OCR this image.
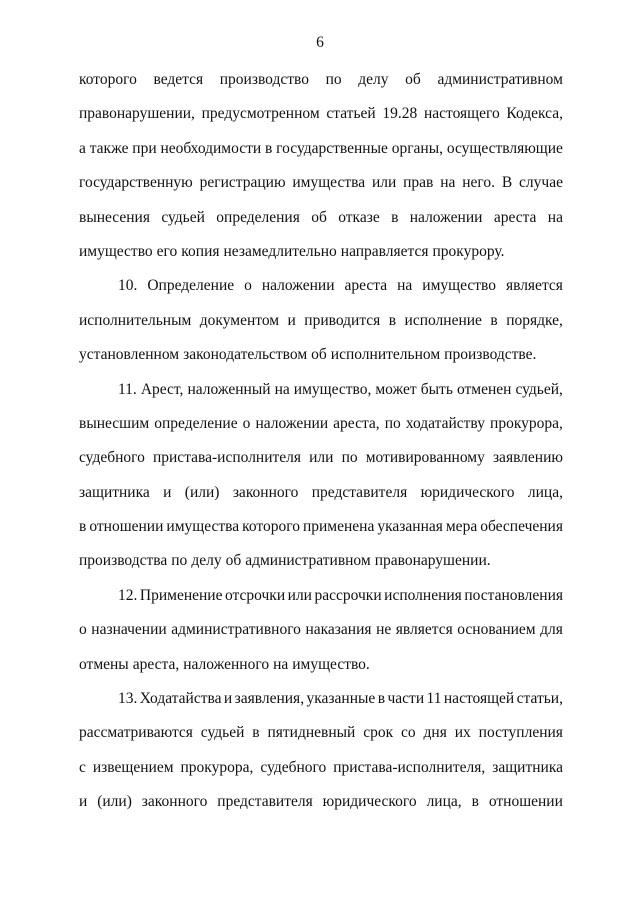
6
которого ведется производство по делу об административном
правонарушении, предусмотренном статьей 19.28 настоящего Кодекса,
а также при необходимости в государственные органы, осуществляющие
государственную регистрацию имущества или прав на него. В случае
вынесения судьей определения об отказе в наложении ареста на
имущество его копия незамедлительно направляется прокурору.
10. Определение о наложении ареста на имущество является
исполнительным документом и приводится в исполнение в порядке,
установленном законодательством об исполнительном производстве.
11. Арест, наложенный на имущество, может быть отменен судьей,
вынесшим определение о наложении ареста, по ходатайству прокурора,
судебного пристава-исполнителя или по мотивированному заявлению
защитника и (или) законного представителя юридического лица,
в отношении имущества которого применена указанная мера обеспечения
производства по делу об административном правонарушении.
12. Применение отсрочки или рассрочки исполнения постановления
о назначении административного наказания не является основанием для
отмены ареста, наложенного на имущество.
13. Ходатайства и заявления, указанные в части 11 настоящей статьи,
рассматриваются судьей в пятидневный срок со дня их поступления
с извещением прокурора, судебного пристава-исполнителя, защитника
и (или) законного представителя юридического лица, в отношении
